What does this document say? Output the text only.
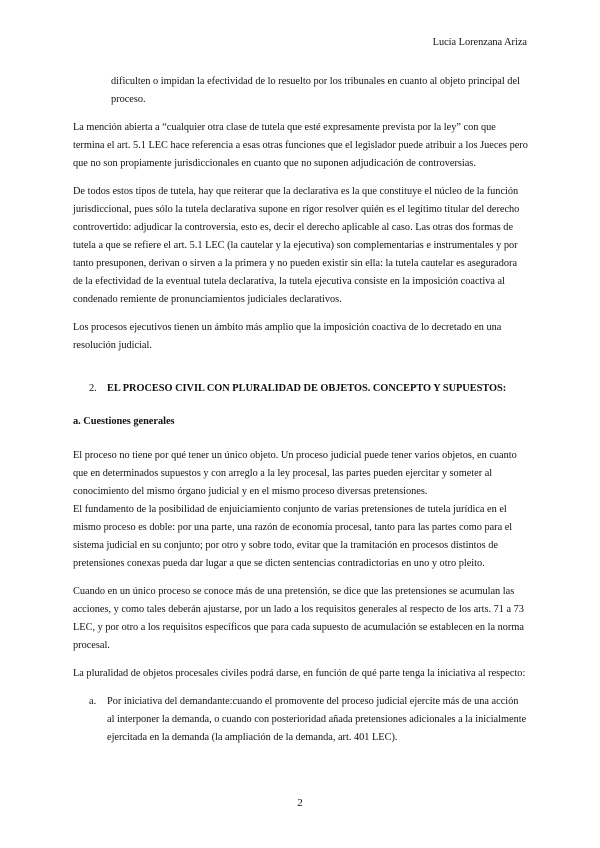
Lucía Lorenzana Ariza

dificulten o impidan la efectividad de lo resuelto por los tribunales en cuanto al objeto principal del proceso.

La mención abierta a “cualquier otra clase de tutela que esté expresamente prevista por la ley” con que termina el art. 5.1 LEC hace referencia a esas otras funciones que el legislador puede atribuir a los Jueces pero que no son propiamente jurisdiccionales en cuanto que no suponen adjudicación de controversias.

De todos estos tipos de tutela, hay que reiterar que la declarativa es la que constituye el núcleo de la función jurisdiccional, pues sólo la tutela declarativa supone en rigor resolver quién es el legítimo titular del derecho controvertido: adjudicar la controversia, esto es, decir el derecho aplicable al caso. Las otras dos formas de tutela a que se refiere el art. 5.1 LEC (la cautelar y la ejecutiva) son complementarias e instrumentales y por tanto presuponen, derivan o sirven a la primera y no pueden existir sin ella: la tutela cautelar es aseguradora de la efectividad de la eventual tutela declarativa, la tutela ejecutiva consiste en la imposición coactiva al condenado remiente de pronunciamientos judiciales declarativos.

Los procesos ejecutivos tienen un ámbito más amplio que la imposición coactiva de lo decretado en una resolución judicial.

2. EL PROCESO CIVIL CON PLURALIDAD DE OBJETOS. CONCEPTO Y SUPUESTOS:
a. Cuestiones generales

El proceso no tiene por qué tener un único objeto. Un proceso judicial puede tener varios objetos, en cuanto que en determinados supuestos y con arreglo a la ley procesal, las partes pueden ejercitar y someter al conocimiento del mismo órgano judicial y en el mismo proceso diversas pretensiones.

El fundamento de la posibilidad de enjuiciamiento conjunto de varias pretensiones de tutela jurídica en el mismo proceso es doble: por una parte, una razón de economía procesal, tanto para las partes como para el sistema judicial en su conjunto; por otro y sobre todo, evitar que la tramitación en procesos distintos de pretensiones conexas pueda dar lugar a que se dicten sentencias contradictorias en uno y otro pleito.

Cuando en un único proceso se conoce más de una pretensión, se dice que las pretensiones se acumulan las acciones, y como tales deberán ajustarse, por un lado a los requisitos generales al respecto de los arts. 71 a 73 LEC, y por otro a los requisitos específicos que para cada supuesto de acumulación se establecen en la norma procesal.

La pluralidad de objetos procesales civiles podrá darse, en función de qué parte tenga la iniciativa al respecto:

a.	Por iniciativa del demandante:cuando el promovente del proceso judicial ejercite más de una acción al interponer la demanda, o cuando con posterioridad añada pretensiones adicionales a la inicialmente ejercitada en la demanda (la ampliación de la demanda, art. 401 LEC).
2
